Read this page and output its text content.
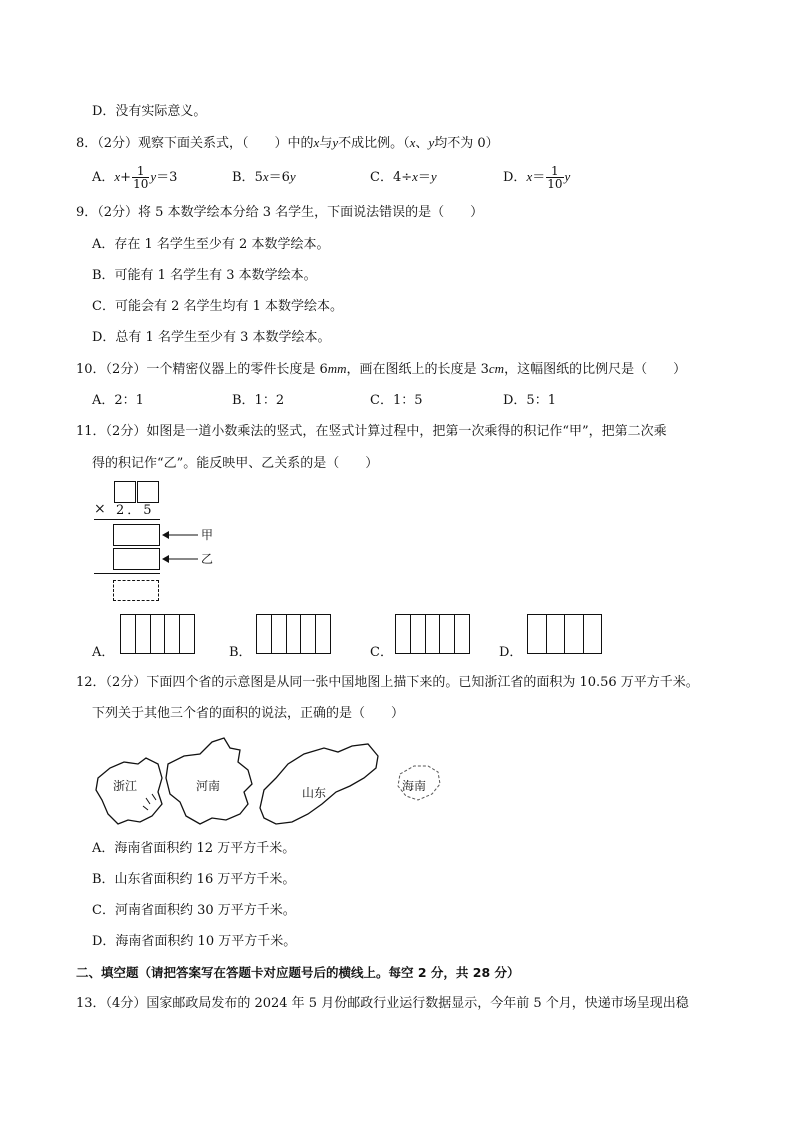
D．没有实际意义。
8．（2分）观察下面关系式，（　　）中的x与y不成比例。（x、y均不为 0）
A．$x+ \frac{1}{10} y=3$	B．5x＝6y	C．4÷x＝y	D．$x= \frac{1}{10}$ y
9．（2分）将 5 本数学绘本分给 3 名学生，下面说法错误的是（　　）
A．存在 1 名学生至少有 2 本数学绘本。
B．可能有 1 名学生有 3 本数学绘本。
C．可能会有 2 名学生均有 1 本数学绘本。
D．总有 1 名学生至少有 3 本数学绘本。
10．（2分）一个精密仪器上的零件长度是 6mm，画在图纸上的长度是 3cm，这幅图纸的比例尺是（　　）
A．2：1	B．1：2	C．1：5	D．5：1
11．（2分）如图是一道小数乘法的竖式，在竖式计算过程中，把第一次乘得的积记作“甲”，把第二次乘
得的积记作“乙”。能反映甲、乙关系的是（　　）
× 2．5
甲
乙
A．	B．	C．	D．
12．（2分）下面四个省的示意图是从同一张中国地图上描下来的。已知浙江省的面积为 10.56 万平方千米。
下列关于其他三个省的面积的说法，正确的是（　　）
浙江	河南	山东	海南
A．海南省面积约 12 万平方千米。
B．山东省面积约 16 万平方千米。
C．河南省面积约 30 万平方千米。
D．海南省面积约 10 万平方千米。
二、填空题（请把答案写在答题卡对应题号后的横线上。每空 2 分，共 28 分）
13．（4分）国家邮政局发布的 2024 年 5 月份邮政行业运行数据显示，今年前 5 个月，快递市场呈现出稳
